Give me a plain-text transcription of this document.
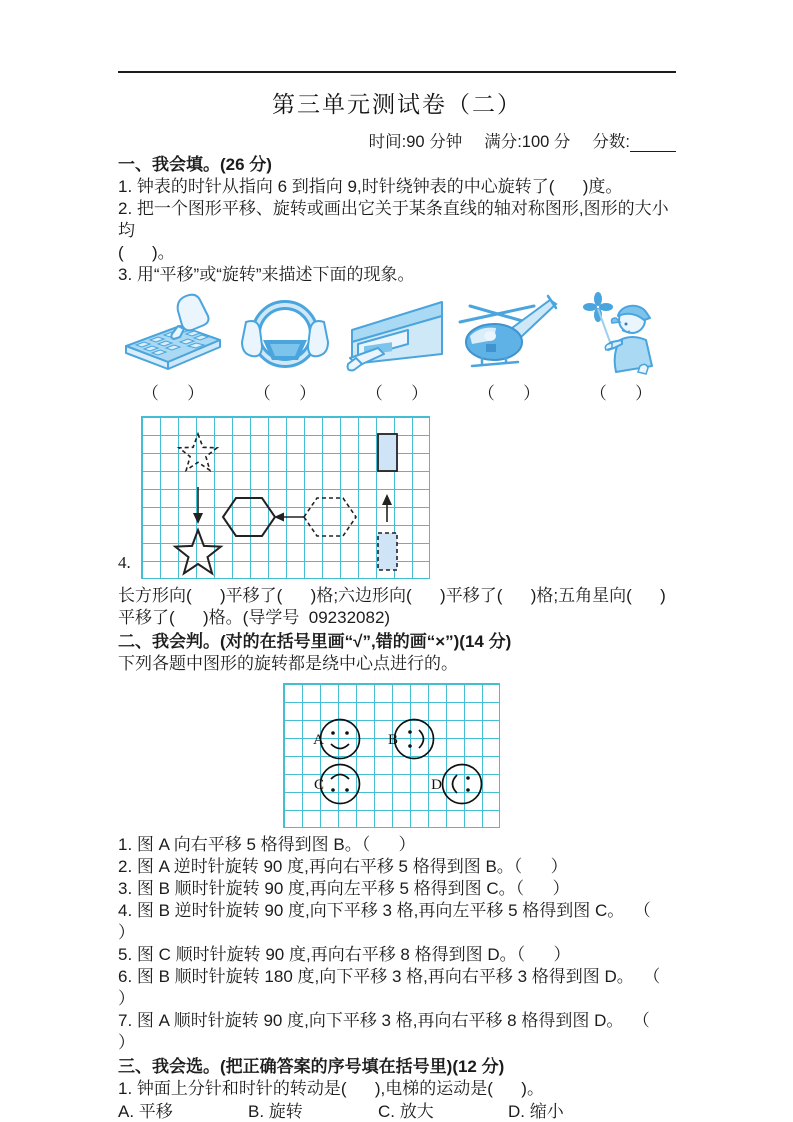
第三单元测试卷（二）
时间:90 分钟 满分:100 分 分数:
一、我会填。(26 分)
1. 钟表的时针从指向 6 到指向 9,时针绕钟表的中心旋转了(      )度。
2. 把一个图形平移、旋转或画出它关于某条直线的轴对称图形,图形的大小均
(      )。
3. 用“平移”或“旋转”来描述下面的现象。
（      ）	（      ）	（      ）	（      ）	（      ）
4.
长方形向(      )平移了(      )格;六边形向(      )平移了(      )格;五角星向(      )
平移了(      )格。(导学号  09232082)
二、我会判。(对的在括号里画“√”,错的画“×”)(14 分)
下列各题中图形的旋转都是绕中心点进行的。
A	B
C	D
1. 图 A 向右平移 5 格得到图 B。（      ）
2. 图 A 逆时针旋转 90 度,再向右平移 5 格得到图 B。（      ）
3. 图 B 顺时针旋转 90 度,再向左平移 5 格得到图 C。（      ）
4. 图 B 逆时针旋转 90 度,向下平移 3 格,再向左平移 5 格得到图 C。  （      ）
5. 图 C 顺时针旋转 90 度,再向右平移 8 格得到图 D。（      ）
6. 图 B 顺时针旋转 180 度,向下平移 3 格,再向右平移 3 格得到图 D。  （      ）
7. 图 A 顺时针旋转 90 度,向下平移 3 格,再向右平移 8 格得到图 D。  （      ）
三、我会选。(把正确答案的序号填在括号里)(12 分)
1. 钟面上分针和时针的转动是(      ),电梯的运动是(      )。
A. 平移	B. 旋转	C. 放大	D. 缩小
